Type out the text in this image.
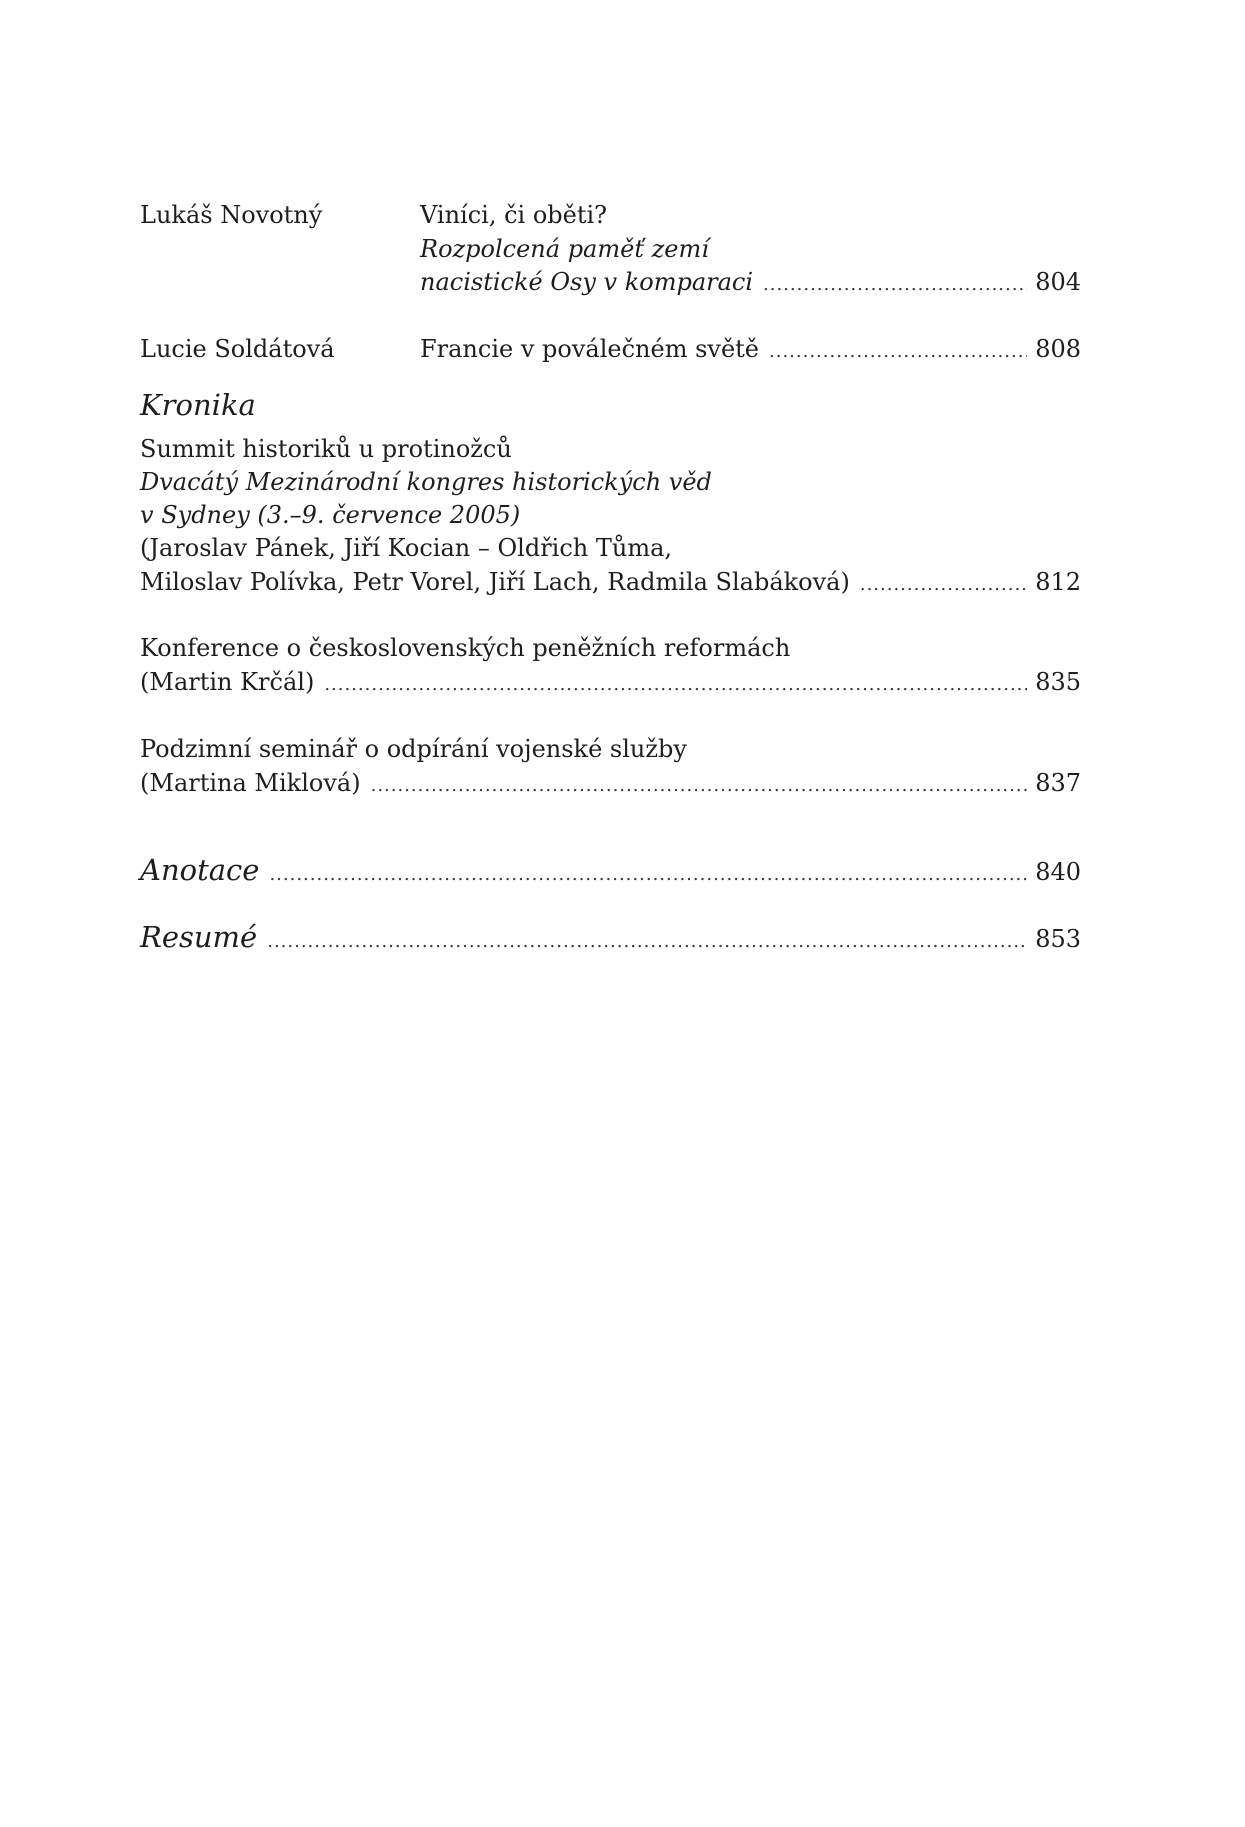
Lukáš Novotný	Viníci, či oběti?
Rozpolcená paměť zemí
nacistické Osy v komparaci .....	804
Lucie Soldátová	Francie v poválečném světě .....	808
Kronika
Summit historiků u protinožců
Dvacátý Mezinárodní kongres historických věd
v Sydney (3.–9. července 2005)
(Jaroslav Pánek, Jiří Kocian – Oldřich Tůma,
Miloslav Polívka, Petr Vorel, Jiří Lach, Radmila Slabáková) .....	812
Konference o československých peněžních reformách
(Martin Krčál) .....	835
Podzimní seminář o odpírání vojenské služby
(Martina Miklová) .....	837
Anotace .....	840
Resumé .....	853
